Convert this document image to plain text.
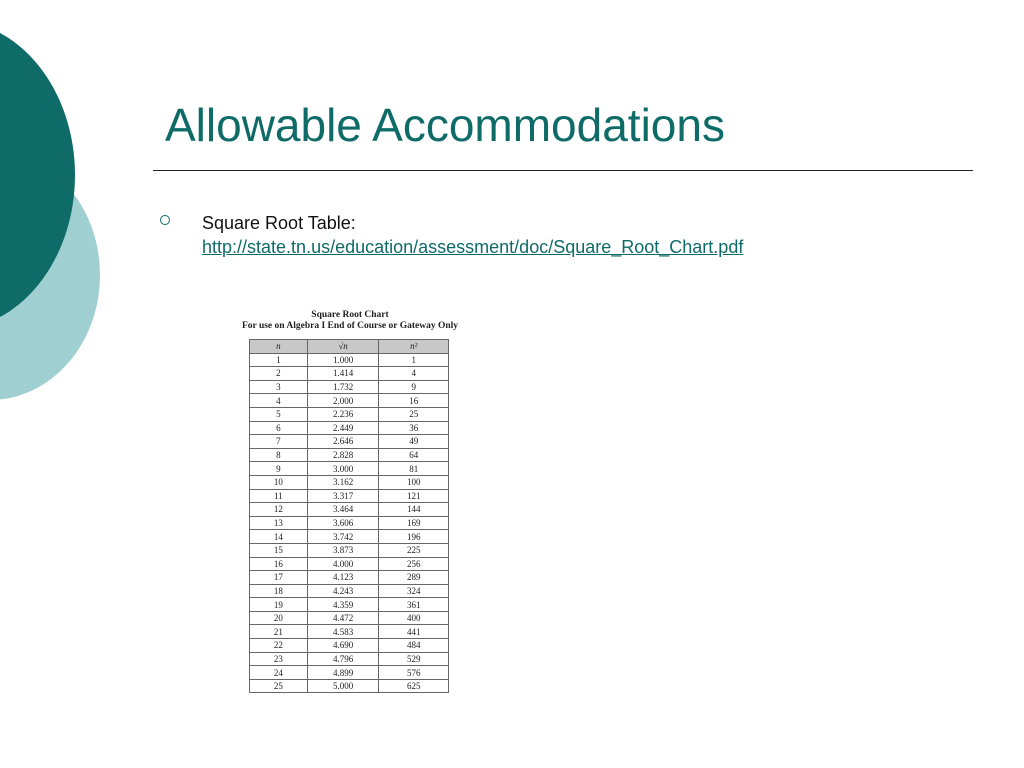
Allowable Accommodations
Square Root Table:
http://state.tn.us/education/assessment/doc/Square_Root_Chart.pdf
Square Root Chart
For use on Algebra I End of Course or Gateway Only
n	√n	n²
1	1.000	1
2	1.414	4
3	1.732	9
4	2.000	16
5	2.236	25
6	2.449	36
7	2.646	49
8	2.828	64
9	3.000	81
10	3.162	100
11	3.317	121
12	3.464	144
13	3.606	169
14	3.742	196
15	3.873	225
16	4.000	256
17	4.123	289
18	4.243	324
19	4.359	361
20	4.472	400
21	4.583	441
22	4.690	484
23	4.796	529
24	4.899	576
25	5.000	625
